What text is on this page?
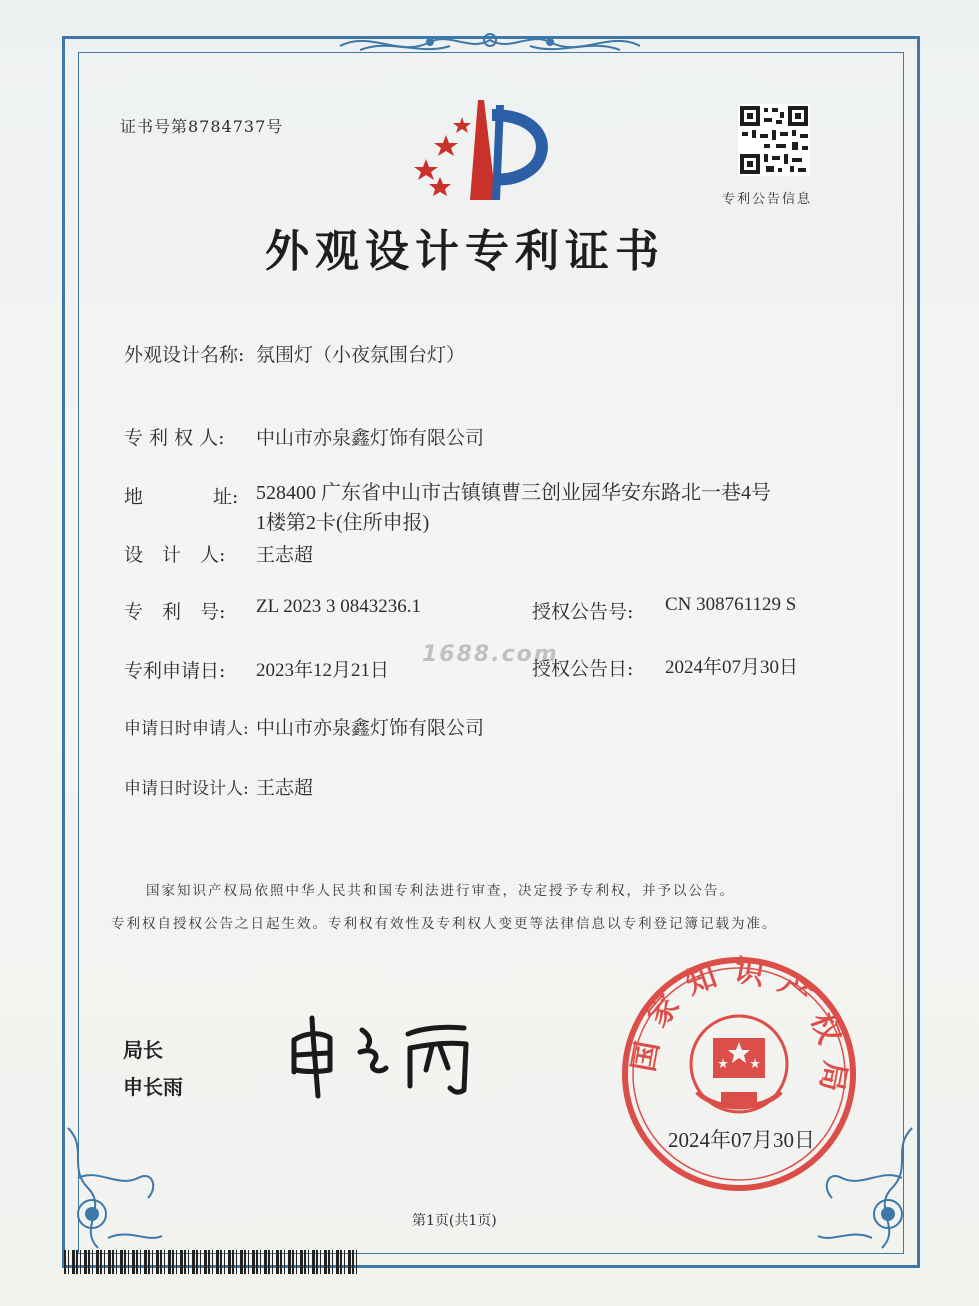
证书号第8784737号
专利公告信息
外观设计专利证书
外观设计名称: 氛围灯（小夜氛围台灯）
专 利 权 人: 中山市亦泉鑫灯饰有限公司
地	址: 528400 广东省中山市古镇镇曹三创业园华安东路北一巷4号
1楼第2卡(住所申报)
设　计　人: 王志超
专　利　号: ZL 2023 3 0843236.1	授权公告号: CN 308761129 S
专利申请日: 2023年12月21日
1688.com
授权公告日: 2024年07月30日
申请日时申请人: 中山市亦泉鑫灯饰有限公司
申请日时设计人: 王志超
国家知识产权局依照中华人民共和国专利法进行审查，决定授予专利权，并予以公告。
专利权自授权公告之日起生效。专利权有效性及专利权人变更等法律信息以专利登记簿记载为准。
局长
申长雨
国家知识产权局
2024年07月30日
第1页(共1页)
